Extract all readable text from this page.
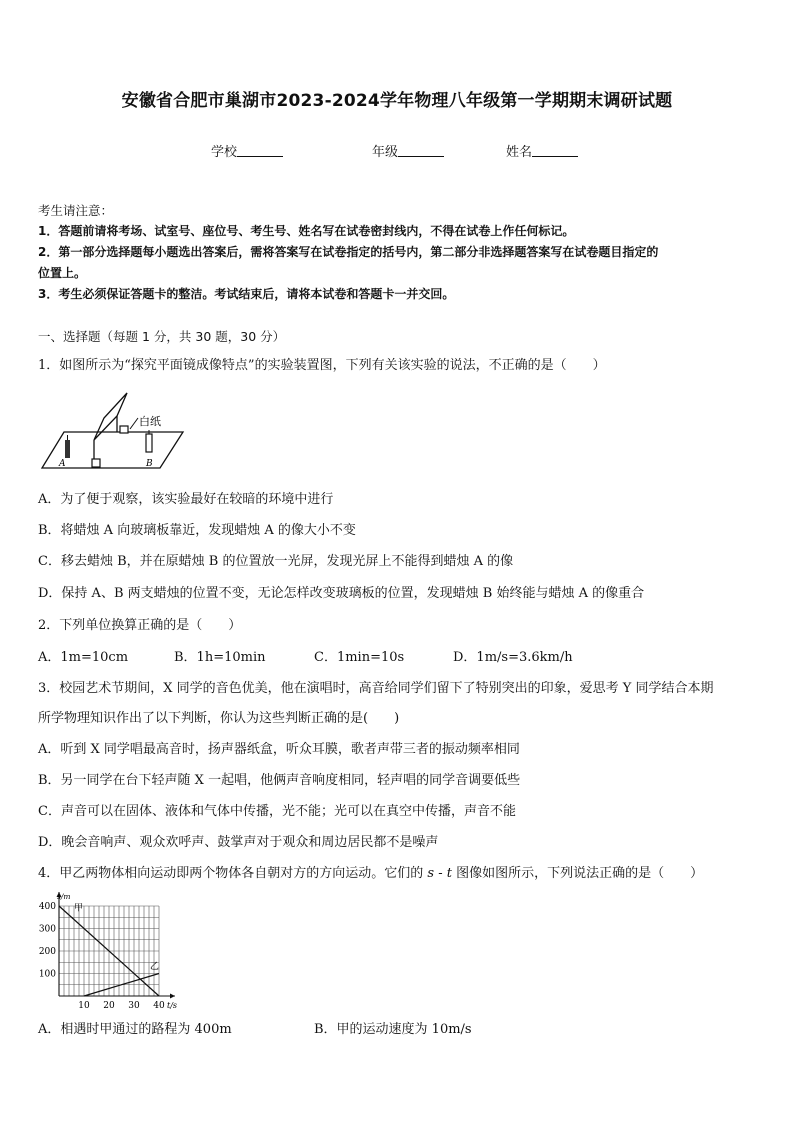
安徽省合肥市巢湖市2023-2024学年物理八年级第一学期期末调研试题
学校	年级	姓名
考生请注意：
1．答题前请将考场、试室号、座位号、考生号、姓名写在试卷密封线内，不得在试卷上作任何标记。
2．第一部分选择题每小题选出答案后，需将答案写在试卷指定的括号内，第二部分非选择题答案写在试卷题目指定的
位置上。
3．考生必须保证答题卡的整洁。考试结束后，请将本试卷和答题卡一并交回。
一、选择题（每题 1 分，共 30 题，30 分）
1．如图所示为“探究平面镜成像特点”的实验装置图，下列有关该实验的说法，不正确的是（　　）
白纸
A	B
A．为了便于观察，该实验最好在较暗的环境中进行
B．将蜡烛 A 向玻璃板靠近，发现蜡烛 A 的像大小不变
C．移去蜡烛 B，并在原蜡烛 B 的位置放一光屏，发现光屏上不能得到蜡烛 A 的像
D．保持 A、B 两支蜡烛的位置不变，无论怎样改变玻璃板的位置，发现蜡烛 B 始终能与蜡烛 A 的像重合
2．下列单位换算正确的是（　　）
A．1m=10cm	B．1h=10min	C．1min=10s	D．1m/s=3.6km/h
3．校园艺术节期间，X 同学的音色优美，他在演唱时，高音给同学们留下了特别突出的印象，爱思考 Y 同学结合本期
所学物理知识作出了以下判断，你认为这些判断正确的是(　　)
A．听到 X 同学唱最高音时，扬声器纸盒，听众耳膜，歌者声带三者的振动频率相同
B．另一同学在台下轻声随 X 一起唱，他俩声音响度相同，轻声唱的同学音调要低些
C．声音可以在固体、液体和气体中传播，光不能；光可以在真空中传播，声音不能
D．晚会音响声、观众欢呼声、鼓掌声对于观众和周边居民都不是噪声
4．甲乙两物体相向运动即两个物体各自朝对方的方向运动。它们的 s - t 图像如图所示，下列说法正确的是（　　）
100
200
300
400
10 20 30 40
s/m
t/s
甲
乙
A．相遇时甲通过的路程为 400m	B．甲的运动速度为 10m/s
